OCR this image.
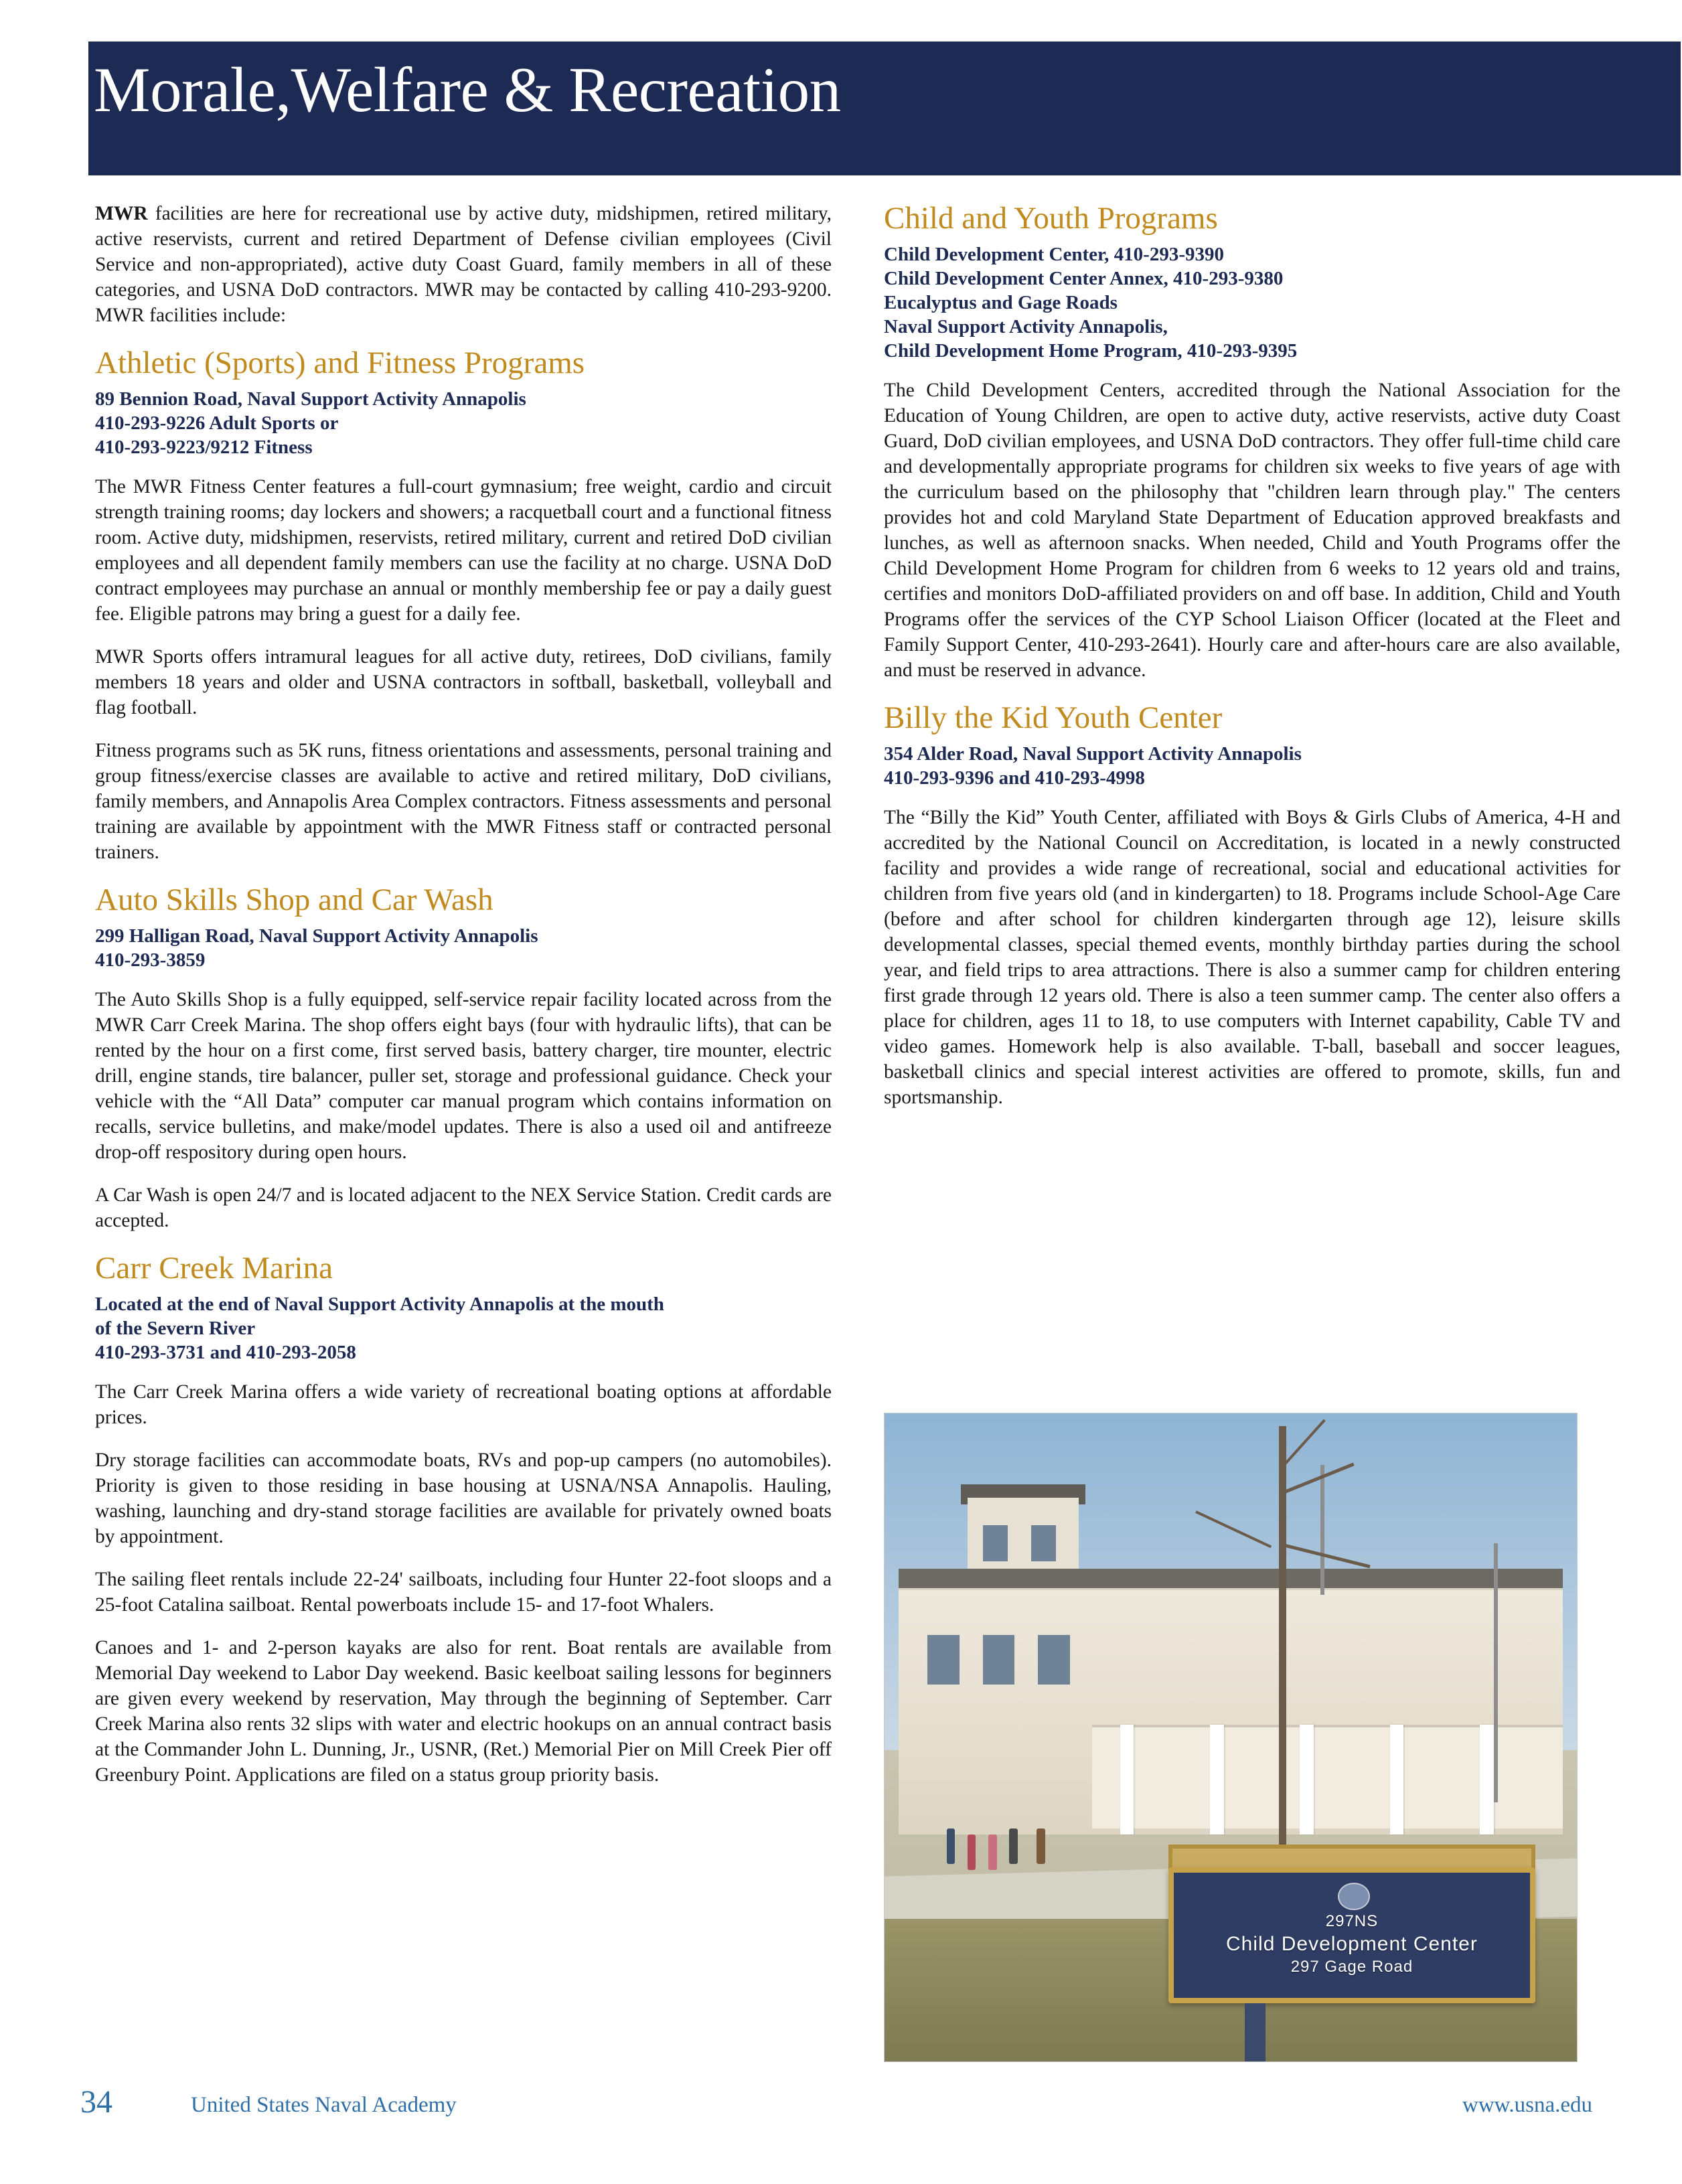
Morale,Welfare & Recreation

MWR facilities are here for recreational use by active duty, midshipmen, retired military, active reservists, current and retired Department of Defense civilian employees (Civil Service and non-appropriated), active duty Coast Guard, family members in all of these categories, and USNA DoD contractors. MWR may be contacted by calling 410-293-9200. MWR facilities include:

Athletic (Sports) and Fitness Programs
89 Bennion Road, Naval Support Activity Annapolis
410-293-9226 Adult Sports or
410-293-9223/9212 Fitness

The MWR Fitness Center features a full-court gymnasium; free weight, cardio and circuit strength training rooms; day lockers and showers; a racquetball court and a functional fitness room. Active duty, midshipmen, reservists, retired military, current and retired DoD civilian employees and all dependent family members can use the facility at no charge. USNA DoD contract employees may purchase an annual or monthly membership fee or pay a daily guest fee. Eligible patrons may bring a guest for a daily fee.

MWR Sports offers intramural leagues for all active duty, retirees, DoD civilians, family members 18 years and older and USNA contractors in softball, basketball, volleyball and flag football.

Fitness programs such as 5K runs, fitness orientations and assessments, personal training and group fitness/exercise classes are available to active and retired military, DoD civilians, family members, and Annapolis Area Complex contractors. Fitness assessments and personal training are available by appointment with the MWR Fitness staff or contracted personal trainers.

Auto Skills Shop and Car Wash
299 Halligan Road, Naval Support Activity Annapolis
410-293-3859

The Auto Skills Shop is a fully equipped, self-service repair facility located across from the MWR Carr Creek Marina. The shop offers eight bays (four with hydraulic lifts), that can be rented by the hour on a first come, first served basis, battery charger, tire mounter, electric drill, engine stands, tire balancer, puller set, storage and professional guidance. Check your vehicle with the “All Data” computer car manual program which contains information on recalls, service bulletins, and make/model updates. There is also a used oil and antifreeze drop-off respository during open hours.

A Car Wash is open 24/7 and is located adjacent to the NEX Service Station. Credit cards are accepted.

Carr Creek Marina
Located at the end of Naval Support Activity Annapolis at the mouth
of the Severn River
410-293-3731 and 410-293-2058

The Carr Creek Marina offers a wide variety of recreational boating options at affordable prices.

Dry storage facilities can accommodate boats, RVs and pop-up campers (no automobiles). Priority is given to those residing in base housing at USNA/NSA Annapolis. Hauling, washing, launching and dry-stand storage facilities are available for privately owned boats by appointment.

The sailing fleet rentals include 22-24' sailboats, including four Hunter 22-foot sloops and a 25-foot Catalina sailboat. Rental powerboats include 15- and 17-foot Whalers.

Canoes and 1- and 2-person kayaks are also for rent. Boat rentals are available from Memorial Day weekend to Labor Day weekend. Basic keelboat sailing lessons for beginners are given every weekend by reservation, May through the beginning of September. Carr Creek Marina also rents 32 slips with water and electric hookups on an annual contract basis at the Commander John L. Dunning, Jr., USNR, (Ret.) Memorial Pier on Mill Creek Pier off Greenbury Point. Applications are filed on a status group priority basis.

Child and Youth Programs
Child Development Center, 410-293-9390
Child Development Center Annex, 410-293-9380
Eucalyptus and Gage Roads
Naval Support Activity Annapolis,
Child Development Home Program, 410-293-9395

The Child Development Centers, accredited through the National Association for the Education of Young Children, are open to active duty, active reservists, active duty Coast Guard, DoD civilian employees, and USNA DoD contractors. They offer full-time child care and developmentally appropriate programs for children six weeks to five years of age with the curriculum based on the philosophy that "children learn through play." The centers provides hot and cold Maryland State Department of Education approved breakfasts and lunches, as well as afternoon snacks. When needed, Child and Youth Programs offer the Child Development Home Program for children from 6 weeks to 12 years old and trains, certifies and monitors DoD-affiliated providers on and off base. In addition, Child and Youth Programs offer the services of the CYP School Liaison Officer (located at the Fleet and Family Support Center, 410-293-2641). Hourly care and after-hours care are also available, and must be reserved in advance.

Billy the Kid Youth Center
354 Alder Road, Naval Support Activity Annapolis
410-293-9396 and 410-293-4998

The “Billy the Kid” Youth Center, affiliated with Boys & Girls Clubs of America, 4-H and accredited by the National Council on Accreditation, is located in a newly constructed facility and provides a wide range of recreational, social and educational activities for children from five years old (and in kindergarten) to 18. Programs include School-Age Care (before and after school for children kindergarten through age 12), leisure skills developmental classes, special themed events, monthly birthday parties during the school year, and field trips to area attractions. There is also a summer camp for children entering first grade through 12 years old. There is also a teen summer camp. The center also offers a place for children, ages 11 to 18, to use computers with Internet capability, Cable TV and video games. Homework help is also available. T-ball, baseball and soccer leagues, basketball clinics and special interest activities are offered to promote, skills, fun and sportsmanship.

297NS
Child Development Center
297 Gage Road
34	United States Naval Academy	www.usna.edu
